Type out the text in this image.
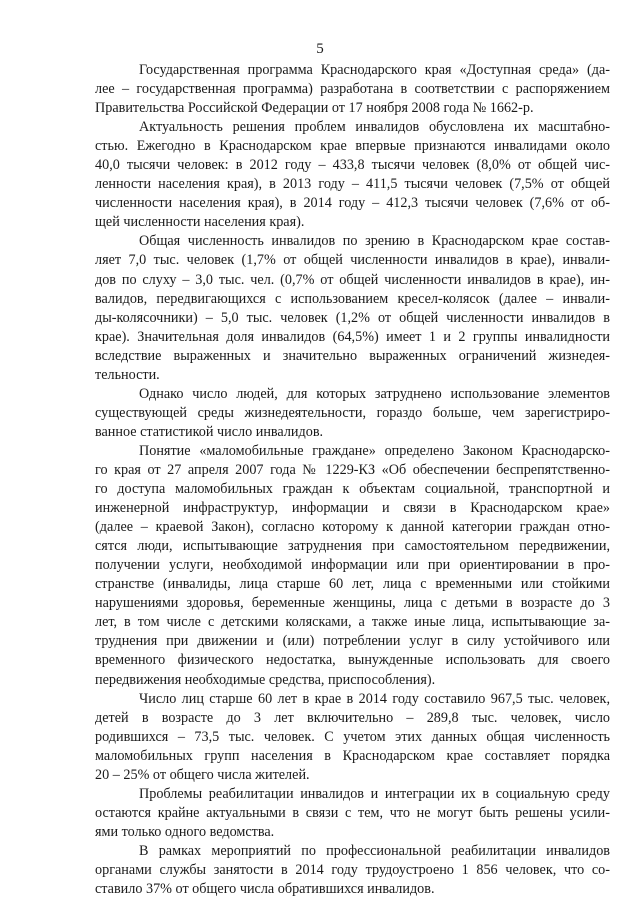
5

Государственная программа Краснодарского края «Доступная среда» (да-
лее – государственная программа) разработана в соответствии с распоряжением
Правительства Российской Федерации от 17 ноября 2008 года № 1662-р.

Актуальность решения проблем инвалидов обусловлена их масштабно-
стью. Ежегодно в Краснодарском крае впервые признаются инвалидами около
40,0 тысячи человек: в 2012 году – 433,8 тысячи человек (8,0% от общей чис-
ленности населения края), в 2013 году – 411,5 тысячи человек (7,5% от общей
численности населения края), в 2014 году – 412,3 тысячи человек (7,6% от об-
щей численности населения края).

Общая численность инвалидов по зрению в Краснодарском крае состав-
ляет 7,0 тыс. человек (1,7% от общей численности инвалидов в крае), инвали-
дов по слуху – 3,0 тыс. чел. (0,7% от общей численности инвалидов в крае), ин-
валидов, передвигающихся с использованием кресел-колясок (далее – инвали-
ды-колясочники) – 5,0 тыс. человек (1,2% от общей численности инвалидов в
крае). Значительная доля инвалидов (64,5%) имеет 1 и 2 группы инвалидности
вследствие выраженных и значительно выраженных ограничений жизнедея-
тельности.

Однако число людей, для которых затруднено использование элементов
существующей среды жизнедеятельности, гораздо больше, чем зарегистриро-
ванное статистикой число инвалидов.

Понятие «маломобильные граждане» определено Законом Краснодарско-
го края от 27 апреля 2007 года № 1229-КЗ «Об обеспечении беспрепятственно-
го доступа маломобильных граждан к объектам социальной, транспортной и
инженерной инфраструктур, информации и связи в Краснодарском крае»
(далее – краевой Закон), согласно которому к данной категории граждан отно-
сятся люди, испытывающие затруднения при самостоятельном передвижении,
получении услуги, необходимой информации или при ориентировании в про-
странстве (инвалиды, лица старше 60 лет, лица с временными или стойкими
нарушениями здоровья, беременные женщины, лица с детьми в возрасте до 3
лет, в том числе с детскими колясками, а также иные лица, испытывающие за-
труднения при движении и (или) потреблении услуг в силу устойчивого или
временного физического недостатка, вынужденные использовать для своего
передвижения необходимые средства, приспособления).

Число лиц старше 60 лет в крае в 2014 году составило 967,5 тыс. человек,
детей в возрасте до 3 лет включительно – 289,8 тыс. человек, число
родившихся – 73,5 тыс. человек. С учетом этих данных общая численность
маломобильных групп населения в Краснодарском крае составляет порядка
20 – 25% от общего числа жителей.

Проблемы реабилитации инвалидов и интеграции их в социальную среду
остаются крайне актуальными в связи с тем, что не могут быть решены усили-
ями только одного ведомства.

В рамках мероприятий по профессиональной реабилитации инвалидов
органами службы занятости в 2014 году трудоустроено 1 856 человек, что со-
ставило 37% от общего числа обратившихся инвалидов.
